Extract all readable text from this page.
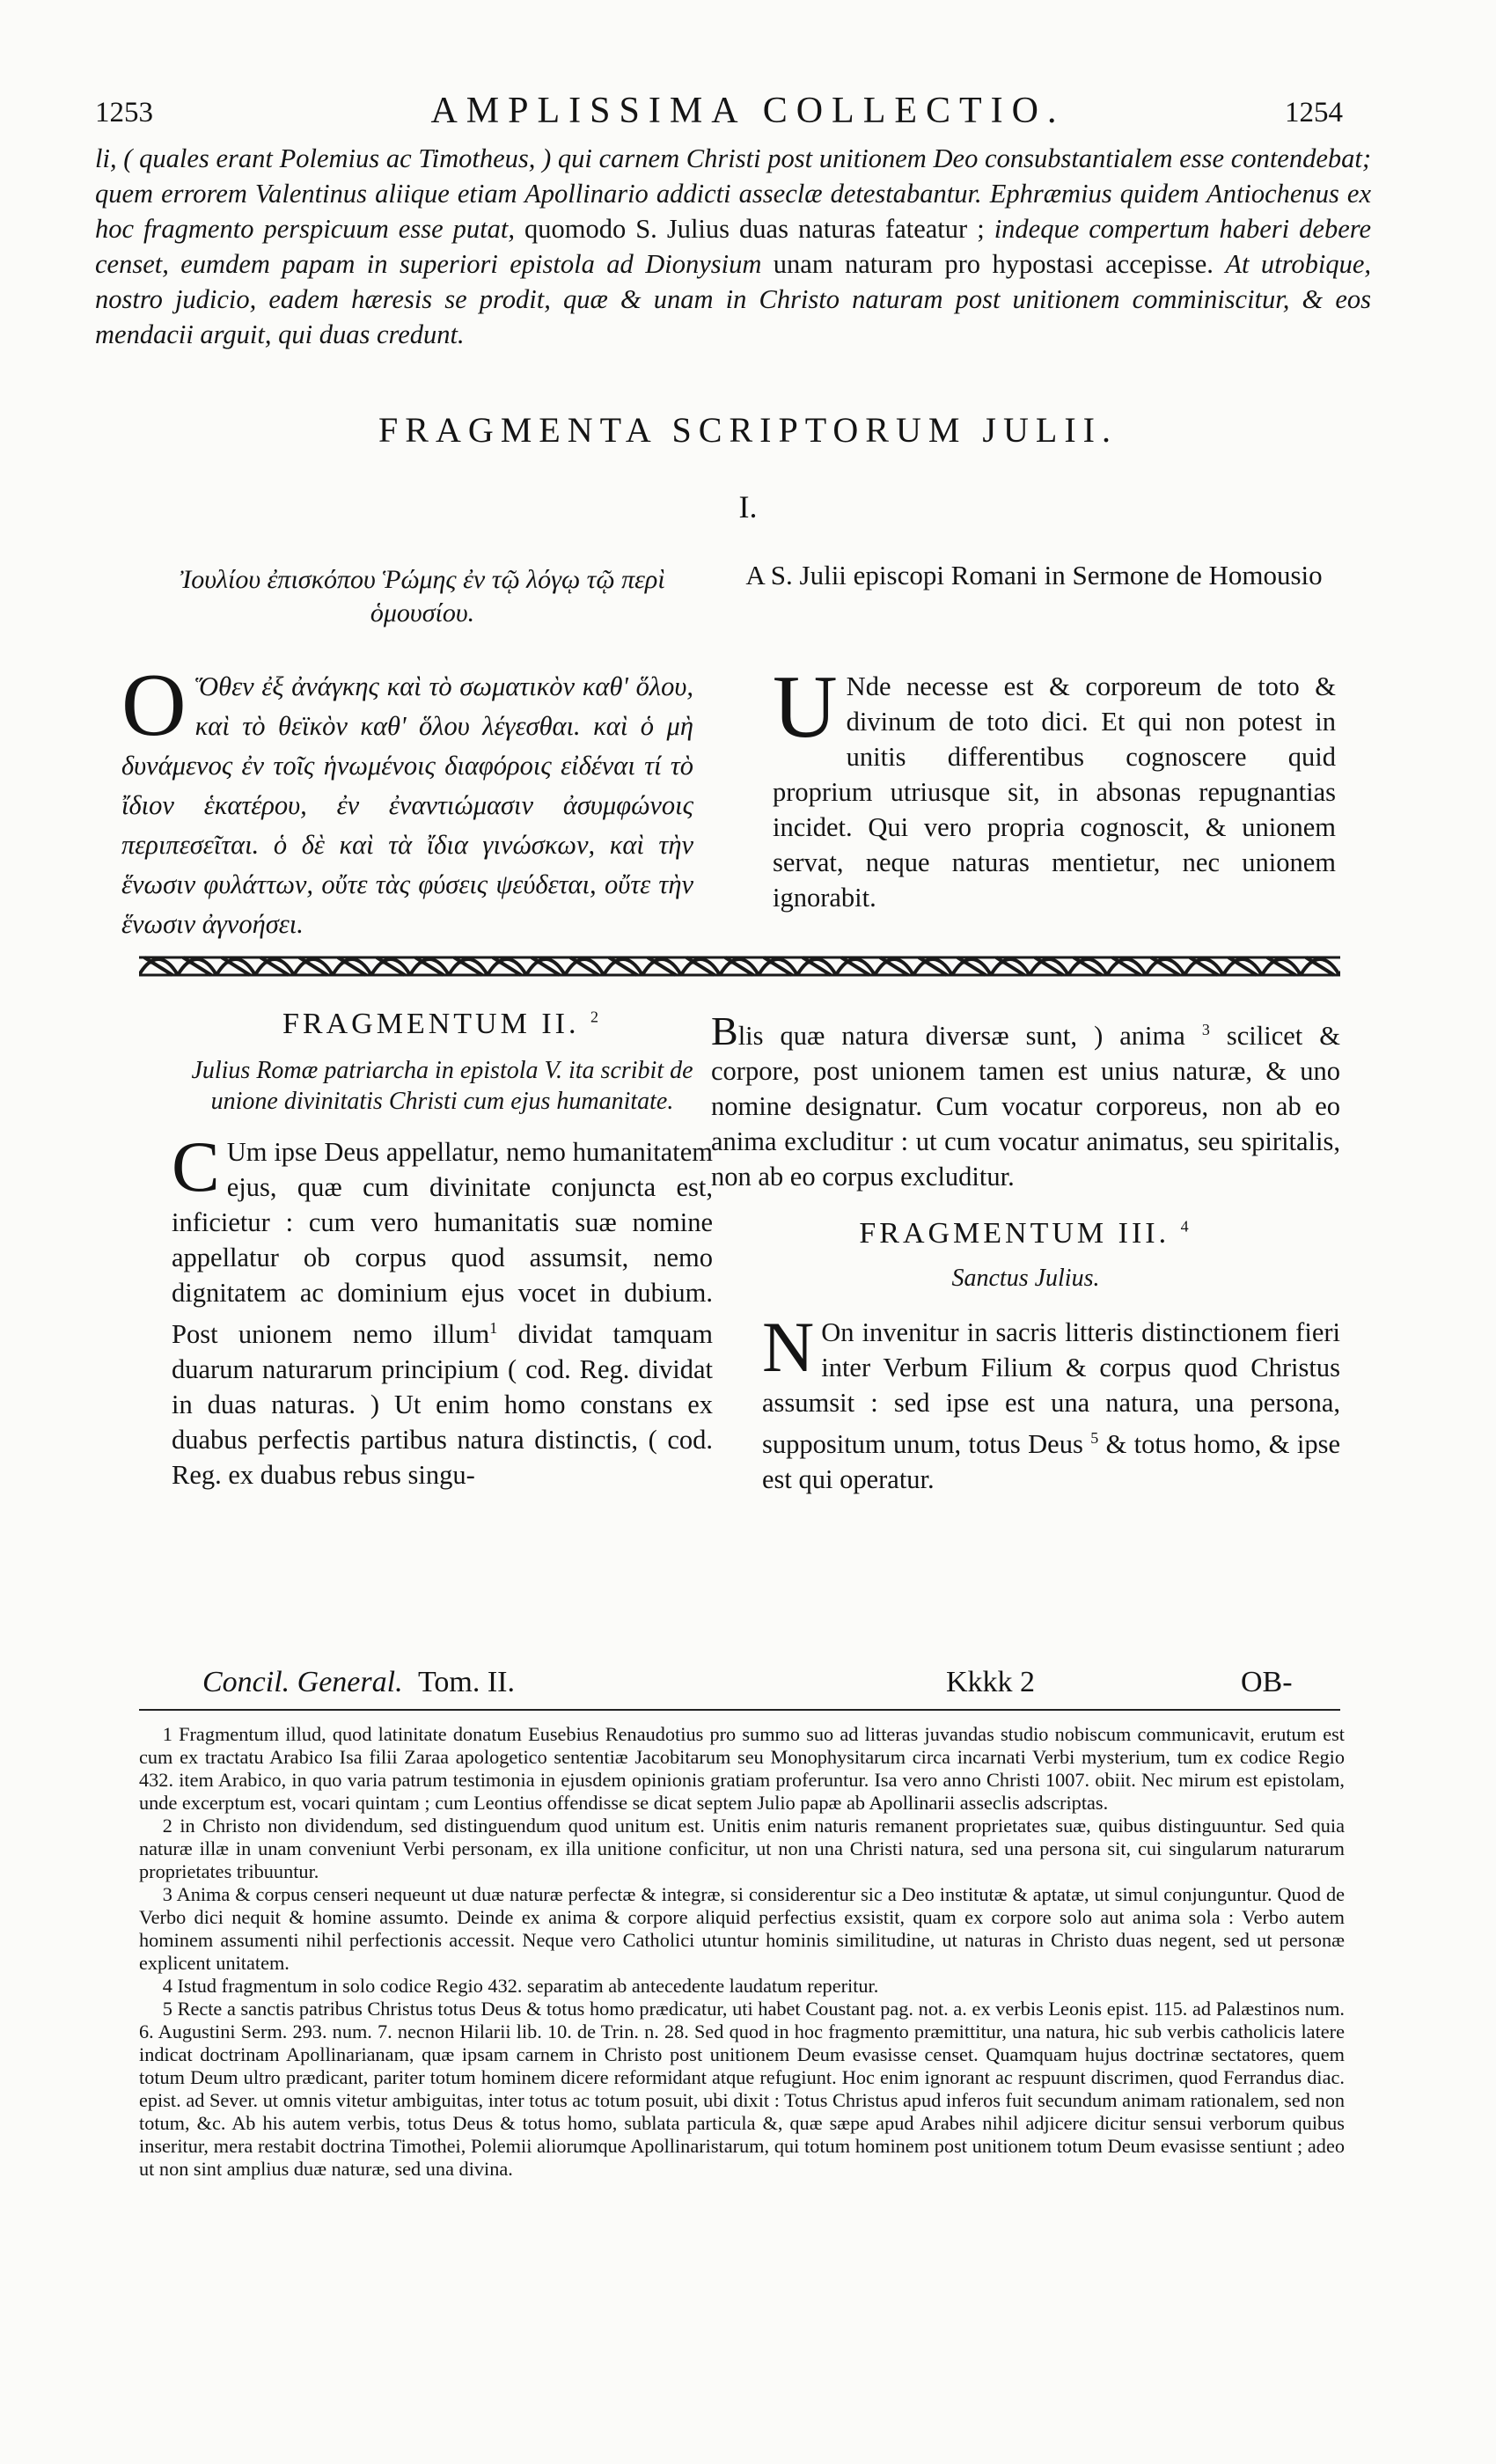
1253	AMPLISSIMA COLLECTIO.	1254
li, ( quales erant Polemius ac Timotheus, ) qui carnem Christi post unitionem Deo consubstantialem esse contendebat; quem errorem Valentinus aliique etiam Apollinario addicti asseclæ detestabantur. Ephræmius quidem Antiochenus ex hoc fragmento perspicuum esse putat, quomodo S. Julius duas naturas fateatur ; indeque compertum haberi debere censet, eumdem papam in superiori epistola ad Dionysium unam naturam pro hypostasi accepisse. At utrobique, nostro judicio, eadem hæresis se prodit, quæ & unam in Christo naturam post unitionem comminiscitur, & eos mendacii arguit, qui duas credunt.
FRAGMENTA SCRIPTORUM JULII.
I.
Ἰουλίου ἐπισκόπου Ῥώμης ἐν τῷ λόγῳ τῷ περὶ ὁμουσίου.
A S. Julii episcopi Romani in Sermone de Homousio
Ο Ὅθεν ἐξ ἀνάγκης καὶ τὸ σωματικὸν καθ' ὅλου, καὶ τὸ θεϊκὸν καθ' ὅλου λέγεσθαι. καὶ ὁ μὴ δυνάμενος ἐν τοῖς ἡνωμένοις διαφόροις εἰδέναι τί τὸ ἴδιον ἑκατέρου, ἐν ἐναντιώμασιν ἀσυμφώνοις περιπεσεῖται. ὁ δὲ καὶ τὰ ἴδια γινώσκων, καὶ τὴν ἕνωσιν φυλάττων, οὔτε τὰς φύσεις ψεύδεται, οὔτε τὴν ἕνωσιν ἀγνοήσει.
U Nde necesse est & corporeum de toto & divinum de toto dici. Et qui non potest in unitis differentibus cognoscere quid proprium utriusque sit, in absonas repugnantias incidet. Qui vero propria cognoscit, & unionem servat, neque naturas mentietur, nec unionem ignorabit.
FRAGMENTUM II. $^2$
Julius Romæ patriarcha in epistola V. ita scribit de unione divinitatis Christi cum ejus humanitate.
C Um ipse Deus appellatur, nemo humanitatem ejus, quæ cum divinitate conjuncta est, inficietur : cum vero humanitatis suæ nomine appellatur ob corpus quod assumsit, nemo dignitatem ac dominium ejus vocet in dubium. Post unionem nemo illum$^1$ dividat tamquam duarum naturarum principium ( cod. Reg. dividat in duas naturas. ) Ut enim homo constans ex duabus perfectis partibus natura distinctis, ( cod. Reg. ex duabus rebus singu-
Blis quæ natura diversæ sunt, ) anima $^3$ scilicet & corpore, post unionem tamen est unius naturæ, & uno nomine designatur. Cum vocatur corporeus, non ab eo anima excluditur : ut cum vocatur animatus, seu spiritalis, non ab eo corpus excluditur.
FRAGMENTUM III. $^4$
Sanctus Julius.
N On invenitur in sacris litteris distinctionem fieri inter Verbum Filium & corpus quod Christus assumsit : sed ipse est una natura, una persona, suppositum unum, totus Deus $^5$ & totus homo, & ipse est qui operatur.
Concil. General. Tom. II.	Kkkk 2	OB-

1 Fragmentum illud, quod latinitate donatum Eusebius Renaudotius pro summo suo ad litteras juvandas studio nobiscum communicavit, erutum est cum ex tractatu Arabico Isa filii Zaraa apologetico sententiæ Jacobitarum seu Monophysitarum circa incarnati Verbi mysterium, tum ex codice Regio 432. item Arabico, in quo varia patrum testimonia in ejusdem opinionis gratiam proferuntur. Isa vero anno Christi 1007. obiit. Nec mirum est epistolam, unde excerptum est, vocari quintam ; cum Leontius offendisse se dicat septem Julio papæ ab Apollinarii asseclis adscriptas.

2 in Christo non dividendum, sed distinguendum quod unitum est. Unitis enim naturis remanent proprietates suæ, quibus distinguuntur. Sed quia naturæ illæ in unam conveniunt Verbi personam, ex illa unitione conficitur, ut non una Christi natura, sed una persona sit, cui singularum naturarum proprietates tribuuntur.

3 Anima & corpus censeri nequeunt ut duæ naturæ perfectæ & integræ, si considerentur sic a Deo institutæ & aptatæ, ut simul conjunguntur. Quod de Verbo dici nequit & homine assumto. Deinde ex anima & corpore aliquid perfectius exsistit, quam ex corpore solo aut anima sola : Verbo autem hominem assumenti nihil perfectionis accessit. Neque vero Catholici utuntur hominis similitudine, ut naturas in Christo duas negent, sed ut personæ explicent unitatem.

4 Istud fragmentum in solo codice Regio 432. separatim ab antecedente laudatum reperitur.

5 Recte a sanctis patribus Christus totus Deus & totus homo prædicatur, uti habet Coustant pag. not. a. ex verbis Leonis epist. 115. ad Palæstinos num. 6. Augustini Serm. 293. num. 7. necnon Hilarii lib. 10. de Trin. n. 28. Sed quod in hoc fragmento præmittitur, una natura, hic sub verbis catholicis latere indicat doctrinam Apollinarianam, quæ ipsam carnem in Christo post unitionem Deum evasisse censet. Quamquam hujus doctrinæ sectatores, quem totum Deum ultro prædicant, pariter totum hominem dicere reformidant atque refugiunt. Hoc enim ignorant ac respuunt discrimen, quod Ferrandus diac. epist. ad Sever. ut omnis vitetur ambiguitas, inter totus ac totum posuit, ubi dixit : Totus Christus apud inferos fuit secundum animam rationalem, sed non totum, &c. Ab his autem verbis, totus Deus & totus homo, sublata particula &, quæ sæpe apud Arabes nihil adjicere dicitur sensui verborum quibus inseritur, mera restabit doctrina Timothei, Polemii aliorumque Apollinaristarum, qui totum hominem post unitionem totum Deum evasisse sentiunt ; adeo ut non sint amplius duæ naturæ, sed una divina.
